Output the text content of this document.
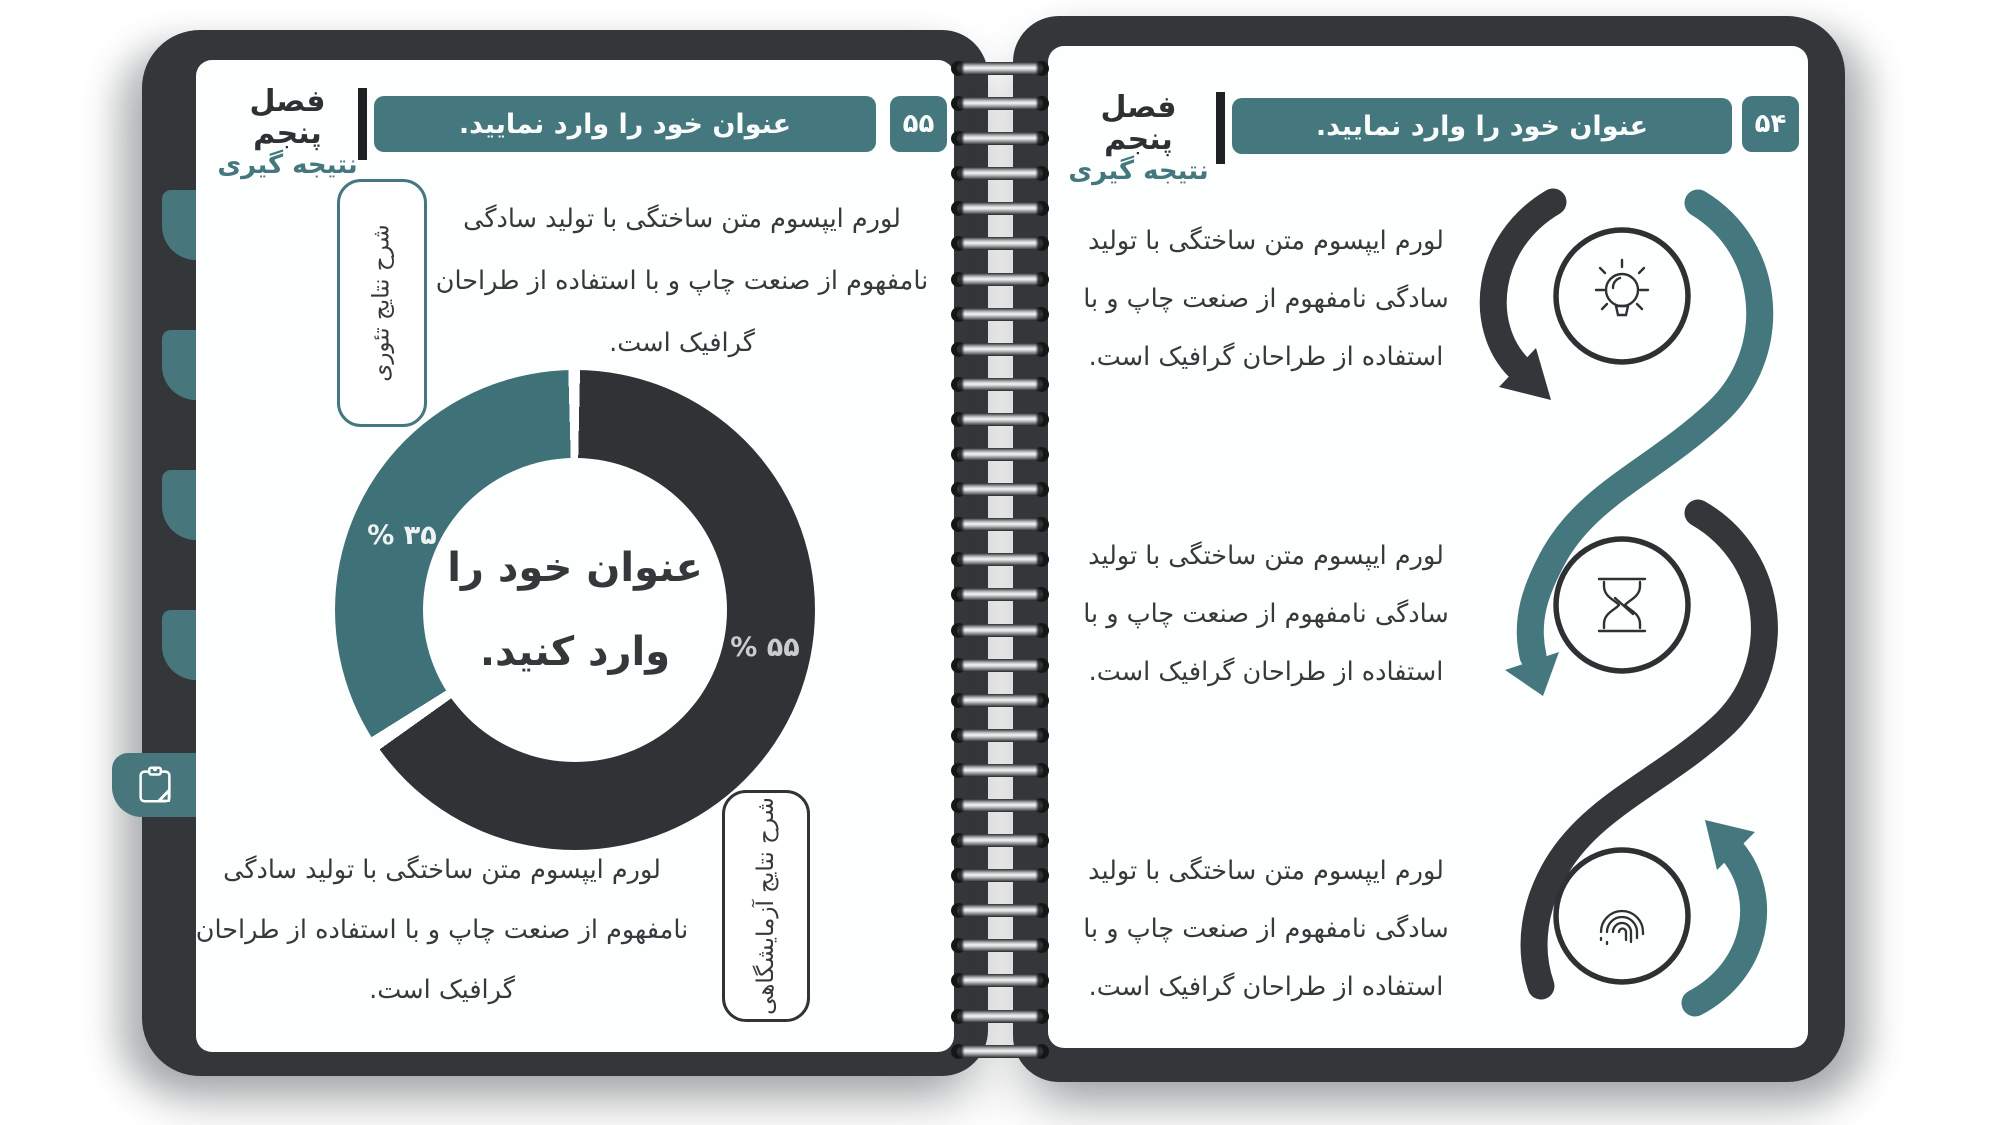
فصل پنجم
نتیجه گیری
عنوان خود را وارد نمایید.	۵۵
شرح نتایج تئوری
لورم ایپسوم متن ساختگی با تولید سادگی
نامفهوم از صنعت چاپ و با استفاده از طراحان
گرافیک است.
عنوان خود را
وارد کنید.
% ۳۵
% ۵۵
شرح نتایج آزمایشگاهی
لورم ایپسوم متن ساختگی با تولید سادگی
نامفهوم از صنعت چاپ و با استفاده از طراحان
گرافیک است.
فصل پنجم
نتیجه گیری
عنوان خود را وارد نمایید.	۵۴
لورم ایپسوم متن ساختگی با تولید
سادگی نامفهوم از صنعت چاپ و با
استفاده از طراحان گرافیک است.
لورم ایپسوم متن ساختگی با تولید
سادگی نامفهوم از صنعت چاپ و با
استفاده از طراحان گرافیک است.
لورم ایپسوم متن ساختگی با تولید
سادگی نامفهوم از صنعت چاپ و با
استفاده از طراحان گرافیک است.
